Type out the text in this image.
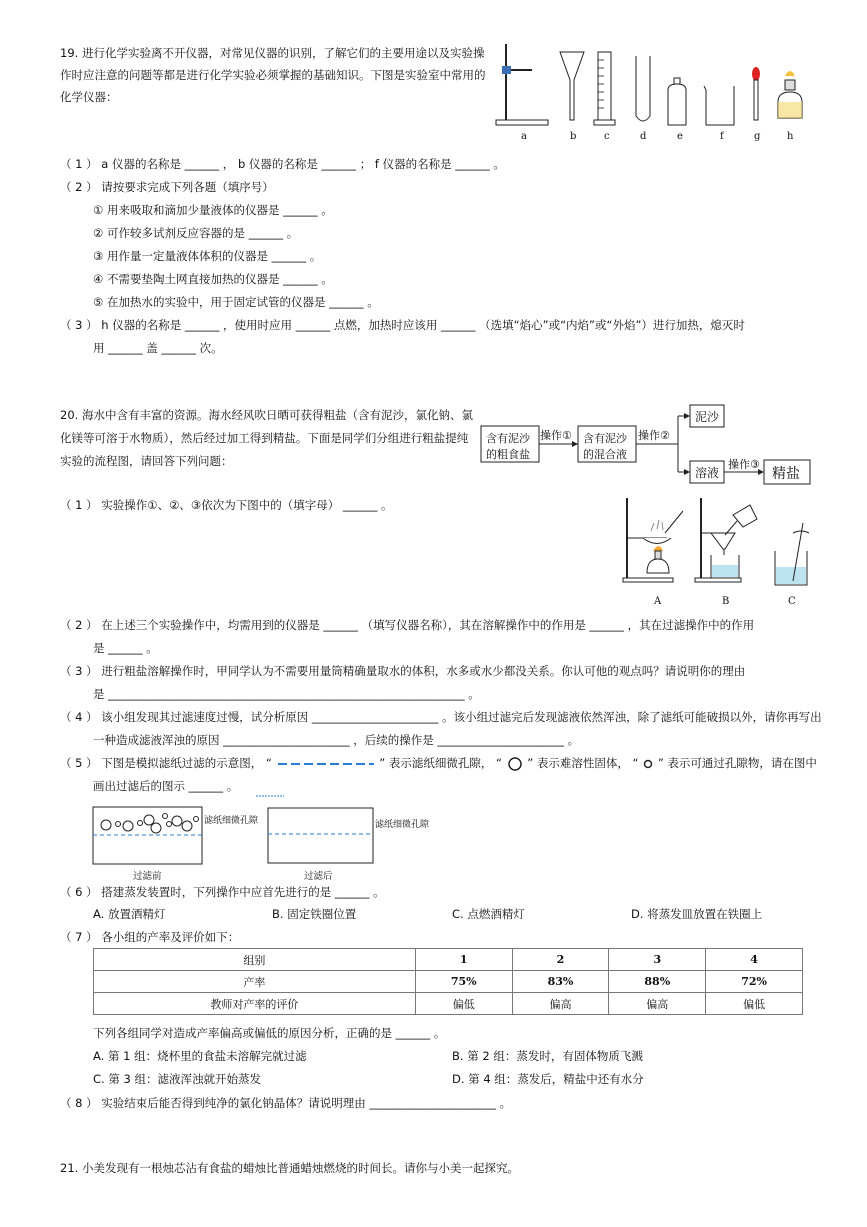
19. 进行化学实验离不开仪器，对常见仪器的识别，了解它们的主要用途以及实验操
作时应注意的问题等都是进行化学实验必须掌握的基础知识。下图是实验室中常用的
化学仪器：
a	b	c	d	e	f	g	h
（ 1 ） a 仪器的名称是 ______ ， b 仪器的名称是 ______ ； f 仪器的名称是 ______ 。
（ 2 ） 请按要求完成下列各题（填序号）
① 用来吸取和滴加少量液体的仪器是 ______ 。
② 可作较多试剂反应容器的是 ______ 。
③ 用作量一定量液体体积的仪器是 ______ 。
④ 不需要垫陶土网直接加热的仪器是 ______ 。
⑤ 在加热水的实验中，用于固定试管的仪器是 ______ 。
（ 3 ） h 仪器的名称是 ______ ，使用时应用 ______ 点燃，加热时应该用 ______ （选填“焰心”或“内焰”或“外焰”）进行加热，熄灭时
用 ______ 盖 ______ 次。
20. 海水中含有丰富的资源。海水经风吹日晒可获得粗盐（含有泥沙，氯化钠、氯
化镁等可溶于水物质），然后经过加工得到精盐。下面是同学们分组进行粗盐提纯
实验的流程图，请回答下列问题：
含有泥沙
的粗食盐
操作① 含有泥沙
的混合液
操作②
泥沙
溶液
操作③
精盐
（ 1 ） 实验操作①、②、③依次为下图中的（填字母） ______ 。
A	B	C
（ 2 ） 在上述三个实验操作中，均需用到的仪器是 ______ （填写仪器名称），其在溶解操作中的作用是 ______ ，其在过滤操作中的作用
是 ______ 。
（ 3 ） 进行粗盐溶解操作时，甲同学认为不需要用量筒精确量取水的体积，水多或水少都没关系。你认可他的观点吗？请说明你的理由
是 ______________________________________________________________ 。
（ 4 ） 该小组发现其过滤速度过慢，试分析原因 ______________________ 。该小组过滤完后发现滤液依然浑浊，除了滤纸可能破损以外，请你再写出
一种造成滤液浑浊的原因 ______________________ ，后续的操作是 ______________________ 。
（ 5 ） 下图是模拟滤纸过滤的示意图， “	” 表示滤纸细微孔隙， “ ” 表示难溶性固体， “ ” 表示可通过孔隙物，请在图中
画出过滤后的图示 ______ 。
滤纸细微孔隙
过滤前
滤纸细微孔隙
过滤后
（ 6 ） 搭建蒸发装置时，下列操作中应首先进行的是 ______ 。
A. 放置酒精灯	B. 固定铁圈位置	C. 点燃酒精灯	D. 将蒸发皿放置在铁圈上
（ 7 ） 各小组的产率及评价如下：
组别	1	2	3	4
产率	75%	83%	88%	72%
教师对产率的评价	偏低	偏高	偏高	偏低
下列各组同学对造成产率偏高或偏低的原因分析，正确的是 ______ 。
A. 第 1 组：烧杯里的食盐未溶解完就过滤	B. 第 2 组：蒸发时，有固体物质飞溅
C. 第 3 组：滤液浑浊就开始蒸发	D. 第 4 组：蒸发后，精盐中还有水分
（ 8 ） 实验结束后能否得到纯净的氯化钠晶体？请说明理由 ______________________ 。
21. 小美发现有一根烛芯沾有食盐的蜡烛比普通蜡烛燃烧的时间长。请你与小美一起探究。
